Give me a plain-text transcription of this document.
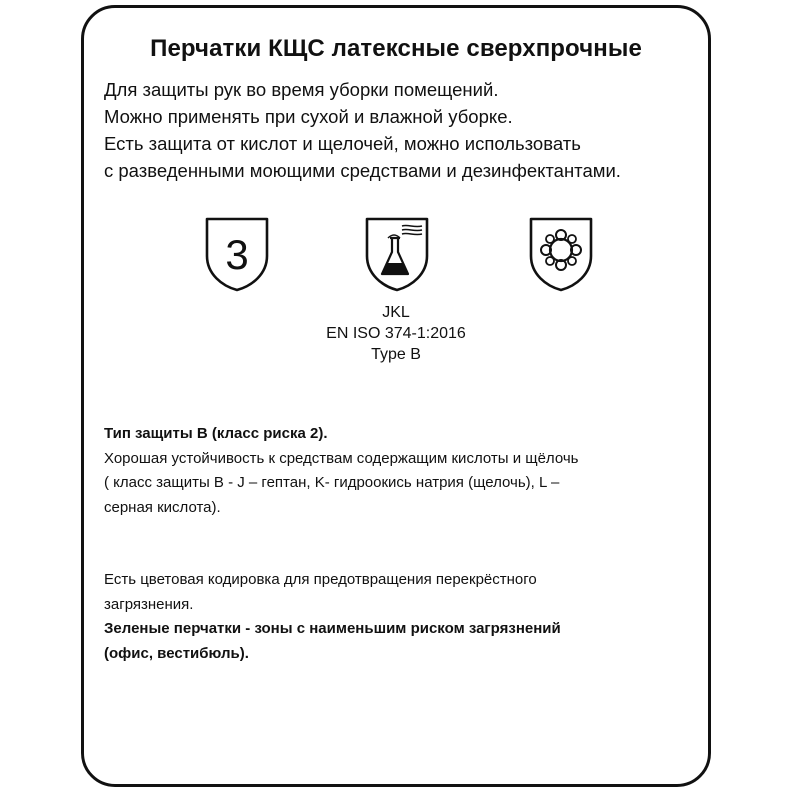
Перчатки КЩС латексные сверхпрочные
Для защиты рук во время уборки помещений.
Можно применять при сухой и влажной уборке.
Есть защита от кислот и щелочей, можно использовать
с разведенными моющими средствами и дезинфектантами.
3
JKL
EN ISO 374-1:2016
Type B
Тип защиты В (класс риска 2).
Хорошая устойчивость к средствам содержащим кислоты и щёлочь
( класс защиты В - J – гептан, K- гидроокись натрия (щелочь), L –
серная кислота).
Есть цветовая кодировка для предотвращения перекрёстного
загрязнения.
Зеленые перчатки - зоны с наименьшим риском загрязнений
(офис, вестибюль).
